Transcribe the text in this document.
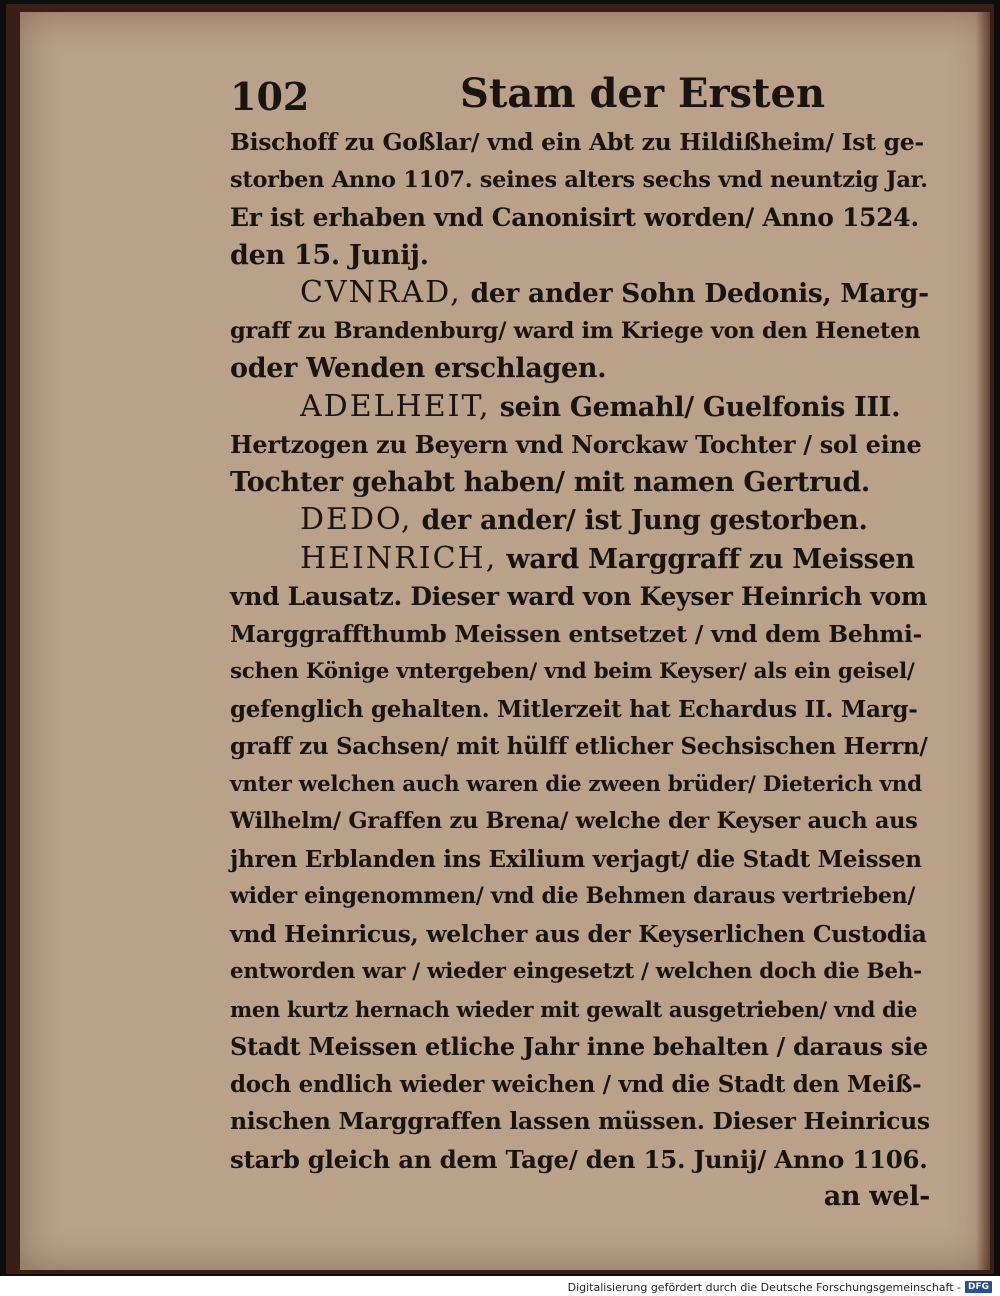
102	Stam der Ersten
Bischoff zu Goßlar/ vnd ein Abt zu Hildißheim/ Ist ge-
storben Anno 1107. seines alters sechs vnd neuntzig Jar.
Er ist erhaben vnd Canonisirt worden/ Anno 1524.
den 15. Junij.
CVNRAD, der ander Sohn Dedonis, Marg-
graff zu Brandenburg/ ward im Kriege von den Heneten
oder Wenden erschlagen.
ADELHEIT, sein Gemahl/ Guelfonis III.
Hertzogen zu Beyern vnd Norckaw Tochter / sol eine
Tochter gehabt haben/ mit namen Gertrud.
DEDO, der ander/ ist Jung gestorben.
HEINRICH, ward Marggraff zu Meissen
vnd Lausatz. Dieser ward von Keyser Heinrich vom
Marggraffthumb Meissen entsetzet / vnd dem Behmi-
schen Könige vntergeben/ vnd beim Keyser/ als ein geisel/
gefenglich gehalten. Mitlerzeit hat Echardus II. Marg-
graff zu Sachsen/ mit hülff etlicher Sechsischen Herrn/
vnter welchen auch waren die zween brüder/ Dieterich vnd
Wilhelm/ Graffen zu Brena/ welche der Keyser auch aus
jhren Erblanden ins Exilium verjagt/ die Stadt Meissen
wider eingenommen/ vnd die Behmen daraus vertrieben/
vnd Heinricus, welcher aus der Keyserlichen Custodia
entworden war / wieder eingesetzt / welchen doch die Beh-
men kurtz hernach wieder mit gewalt ausgetrieben/ vnd die
Stadt Meissen etliche Jahr inne behalten / daraus sie
doch endlich wieder weichen / vnd die Stadt den Meiß-
nischen Marggraffen lassen müssen. Dieser Heinricus
starb gleich an dem Tage/ den 15. Junij/ Anno 1106.
an wel-
Digitalisierung gefördert durch die Deutsche Forschungsgemeinschaft - DFG
